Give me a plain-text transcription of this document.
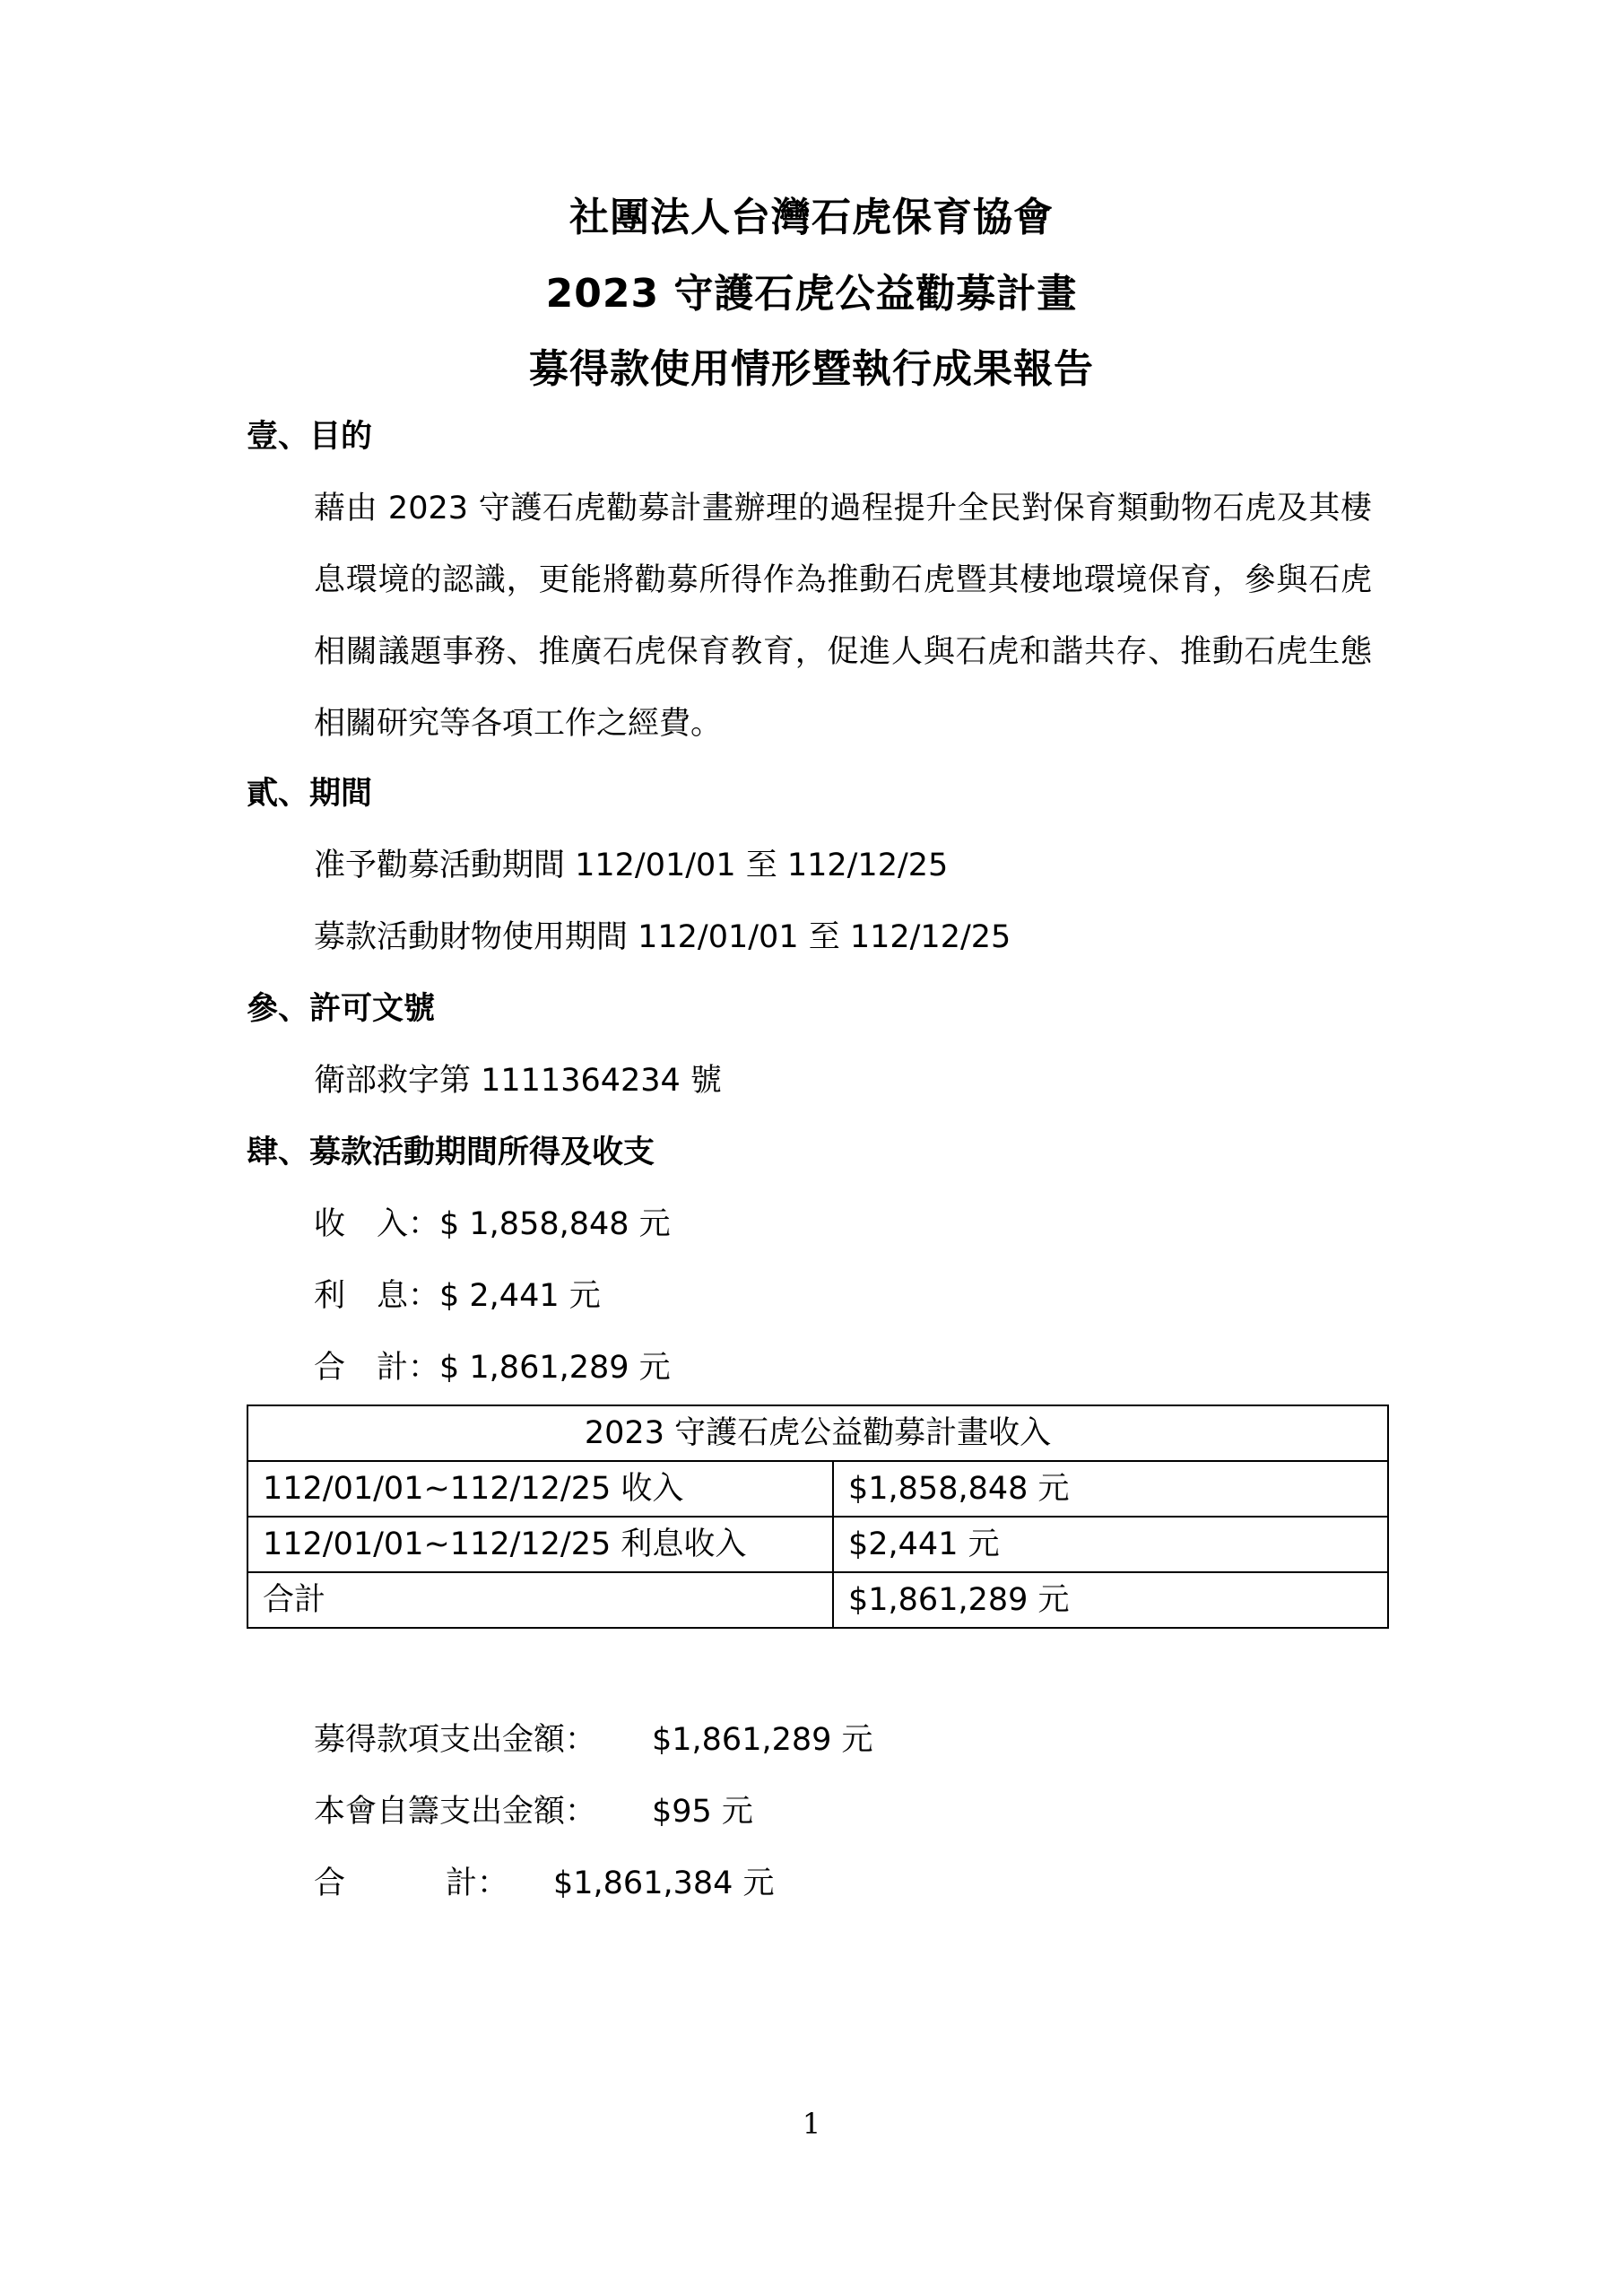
社團法人台灣石虎保育協會
2023 守護石虎公益勸募計畫
募得款使用情形暨執行成果報告
壹、目的
藉由 2023 守護石虎勸募計畫辦理的過程提升全民對保育類動物石虎及其棲息環境的認識，更能將勸募所得作為推動石虎暨其棲地環境保育，參與石虎相關議題事務、推廣石虎保育教育，促進人與石虎和諧共存、推動石虎生態相關研究等各項工作之經費。
貳、期間
准予勸募活動期間 112/01/01 至 112/12/25
募款活動財物使用期間 112/01/01 至 112/12/25
參、許可文號
衛部救字第 1111364234 號
肆、募款活動期間所得及收支
收　入：$ 1,858,848 元
利　息：$ 2,441 元
合　計：$ 1,861,289 元
2023 守護石虎公益勸募計畫收入	
112/01/01~112/12/25 收入	$1,858,848 元
112/01/01~112/12/25 利息收入	$2,441 元
合計	$1,861,289 元
募得款項支出金額： $1,861,289 元
本會自籌支出金額： $95 元
合	計： $1,861,384 元
1
